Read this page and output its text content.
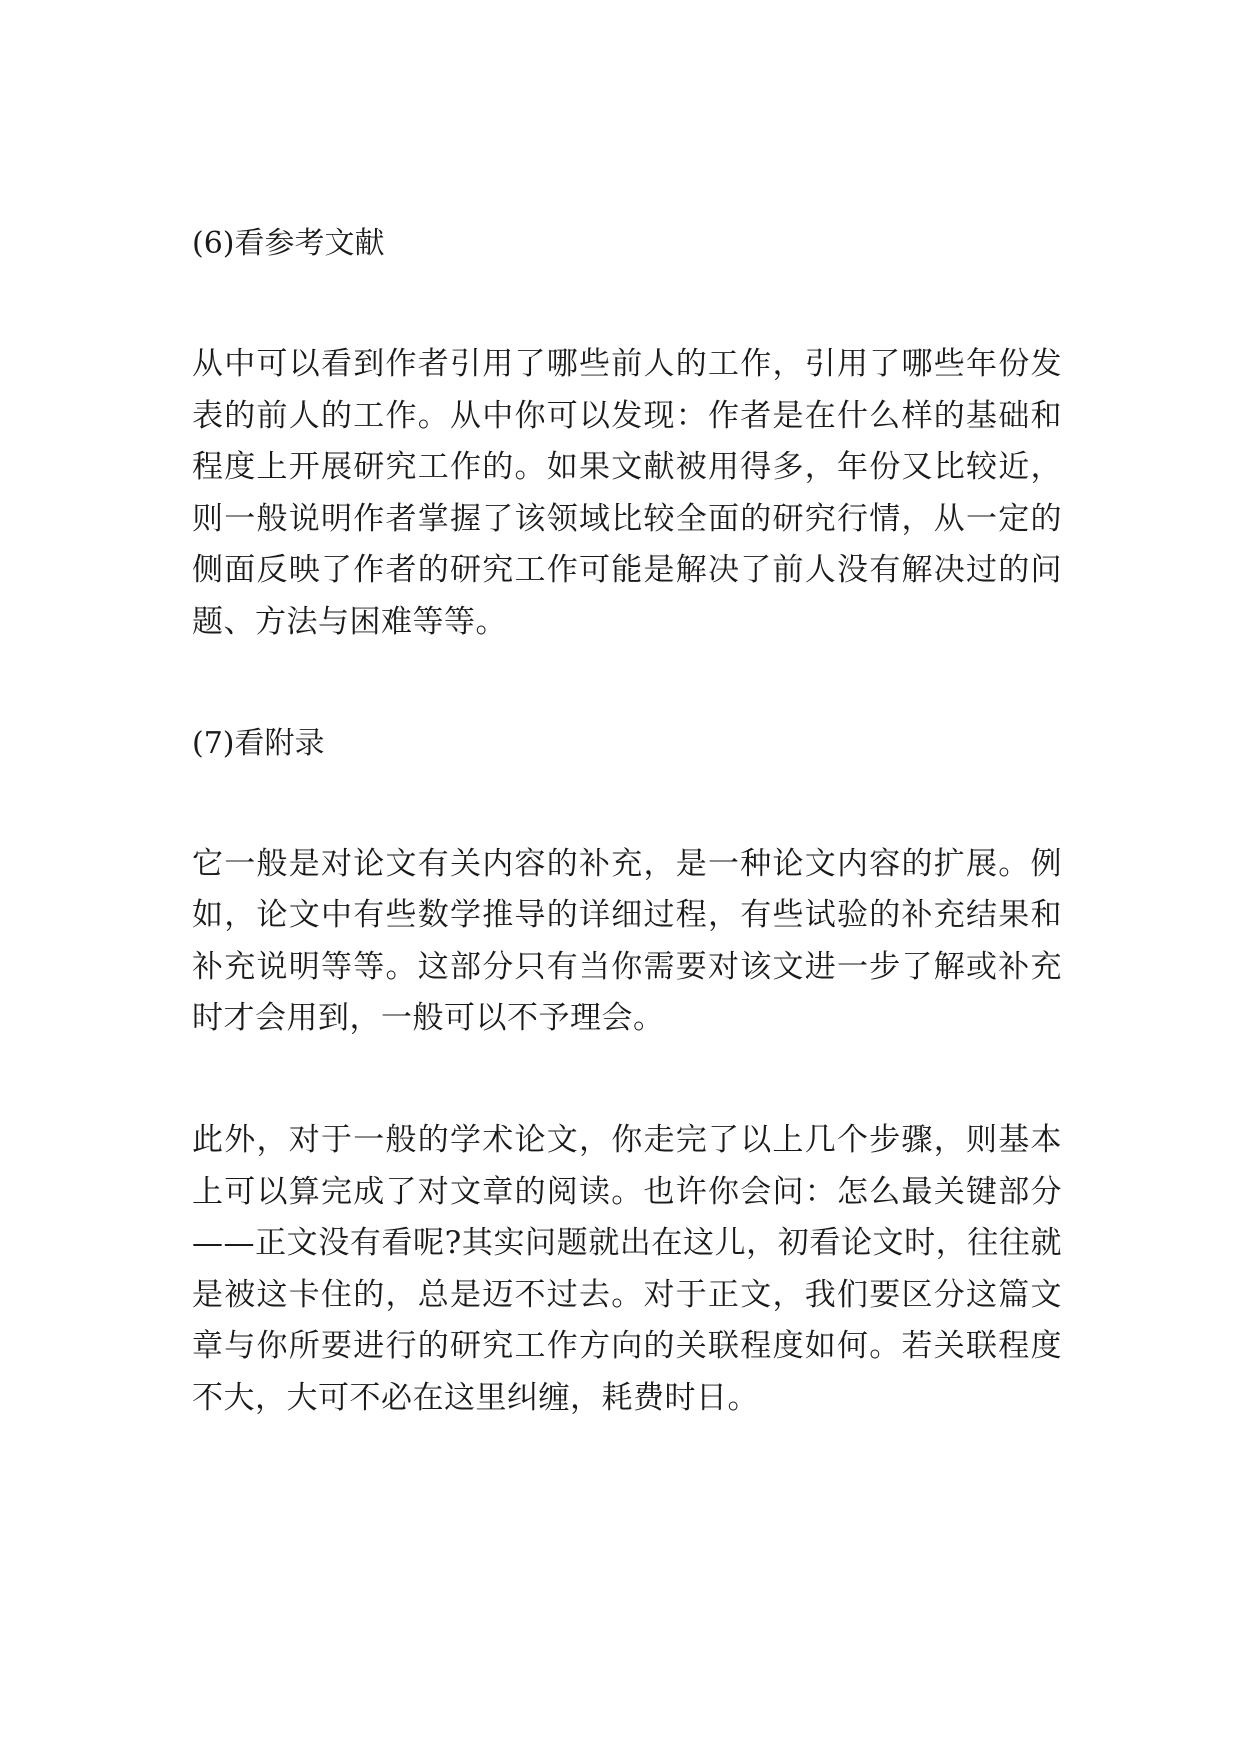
(6)看参考文献

从中可以看到作者引用了哪些前人的工作，引用了哪些年份发表的前人的工作。从中你可以发现：作者是在什么样的基础和程度上开展研究工作的。如果文献被用得多，年份又比较近，则一般说明作者掌握了该领域比较全面的研究行情，从一定的侧面反映了作者的研究工作可能是解决了前人没有解决过的问题、方法与困难等等。

(7)看附录

它一般是对论文有关内容的补充，是一种论文内容的扩展。例如，论文中有些数学推导的详细过程，有些试验的补充结果和补充说明等等。这部分只有当你需要对该文进一步了解或补充时才会用到，一般可以不予理会。

此外，对于一般的学术论文，你走完了以上几个步骤，则基本上可以算完成了对文章的阅读。也许你会问：怎么最关键部分——正文没有看呢?其实问题就出在这儿，初看论文时，往往就是被这卡住的，总是迈不过去。对于正文，我们要区分这篇文章与你所要进行的研究工作方向的关联程度如何。若关联程度不大，大可不必在这里纠缠，耗费时日。
